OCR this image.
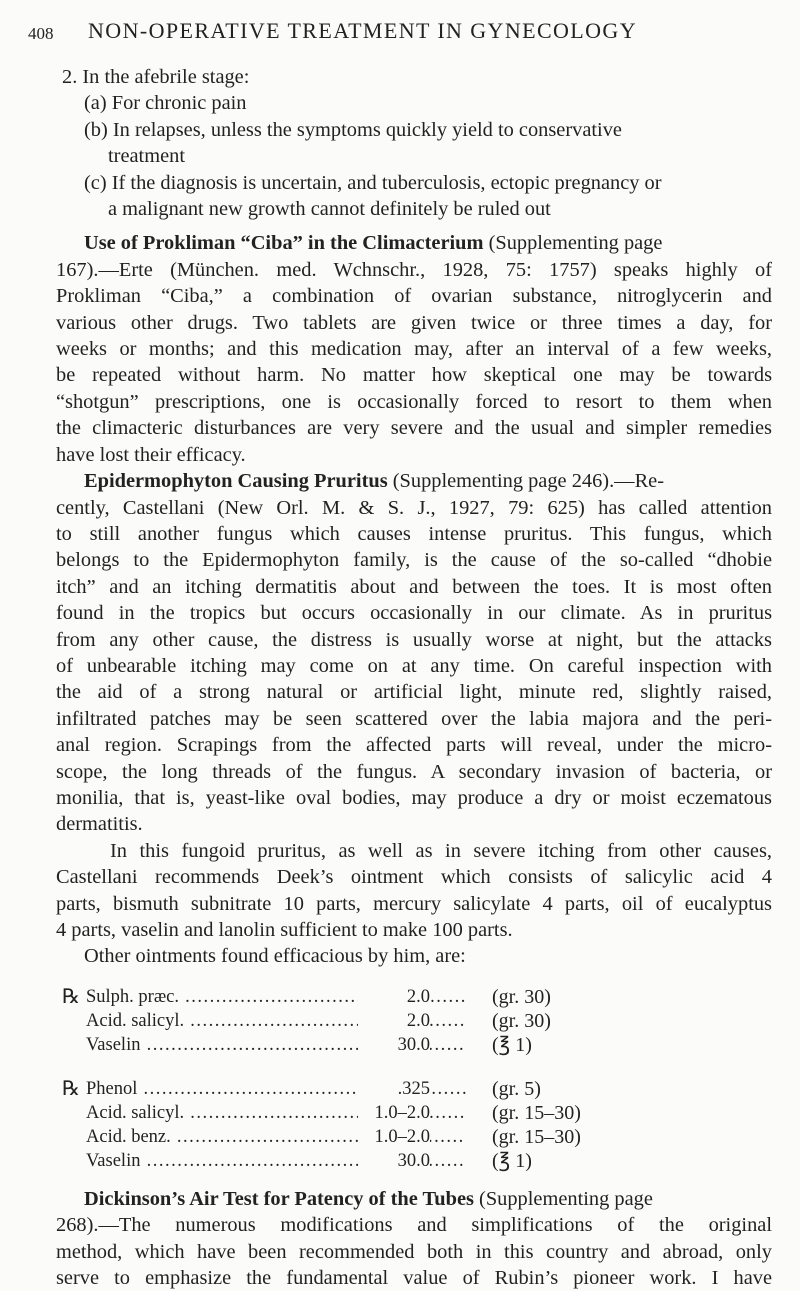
408 NON-OPERATIVE TREATMENT IN GYNECOLOGY
2. In the afebrile stage:
(a) For chronic pain
(b) In relapses, unless the symptoms quickly yield to conservative
treatment
(c) If the diagnosis is uncertain, and tuberculosis, ectopic pregnancy or
a malignant new growth cannot definitely be ruled out
Use of Prokliman “Ciba” in the Climacterium (Supplementing page
167).—Erte (München. med. Wchnschr., 1928, 75: 1757) speaks highly of
Prokliman “Ciba,” a combination of ovarian substance, nitroglycerin and
various other drugs. Two tablets are given twice or three times a day, for
weeks or months; and this medication may, after an interval of a few weeks,
be repeated without harm. No matter how skeptical one may be towards
“shotgun” prescriptions, one is occasionally forced to resort to them when
the climacteric disturbances are very severe and the usual and simpler remedies
have lost their efficacy.
Epidermophyton Causing Pruritus (Supplementing page 246).—Re-
cently, Castellani (New Orl. M. & S. J., 1927, 79: 625) has called attention
to still another fungus which causes intense pruritus. This fungus, which
belongs to the Epidermophyton family, is the cause of the so-called “dhobie
itch” and an itching dermatitis about and between the toes. It is most often
found in the tropics but occurs occasionally in our climate. As in pruritus
from any other cause, the distress is usually worse at night, but the attacks
of unbearable itching may come on at any time. On careful inspection with
the aid of a strong natural or artificial light, minute red, slightly raised,
infiltrated patches may be seen scattered over the labia majora and the peri-
anal region. Scrapings from the affected parts will reveal, under the micro-
scope, the long threads of the fungus. A secondary invasion of bacteria, or
monilia, that is, yeast-like oval bodies, may produce a dry or moist eczematous
dermatitis.
In this fungoid pruritus, as well as in severe itching from other causes,
Castellani recommends Deek’s ointment which consists of salicylic acid 4
parts, bismuth subnitrate 10 parts, mercury salicylate 4 parts, oil of eucalyptus
4 parts, vaselin and lanolin sufficient to make 100 parts.
Other ointments found efficacious by him, are:
℞ Sulph. præc. .....	2.0	(gr. 30)
Acid. salicyl. .....	2.0	(gr. 30)
Vaselin .....	30.0	(℥ 1)
℞ Phenol .....	.325	(gr. 5)
Acid. salicyl. .....	1.0–2.0	(gr. 15–30)
Acid. benz. .....	1.0–2.0	(gr. 15–30)
Vaselin .....	30.0	(℥ 1)
Dickinson’s Air Test for Patency of the Tubes (Supplementing page
268).—The numerous modifications and simplifications of the original
method, which have been recommended both in this country and abroad, only
serve to emphasize the fundamental value of Rubin’s pioneer work. I have
